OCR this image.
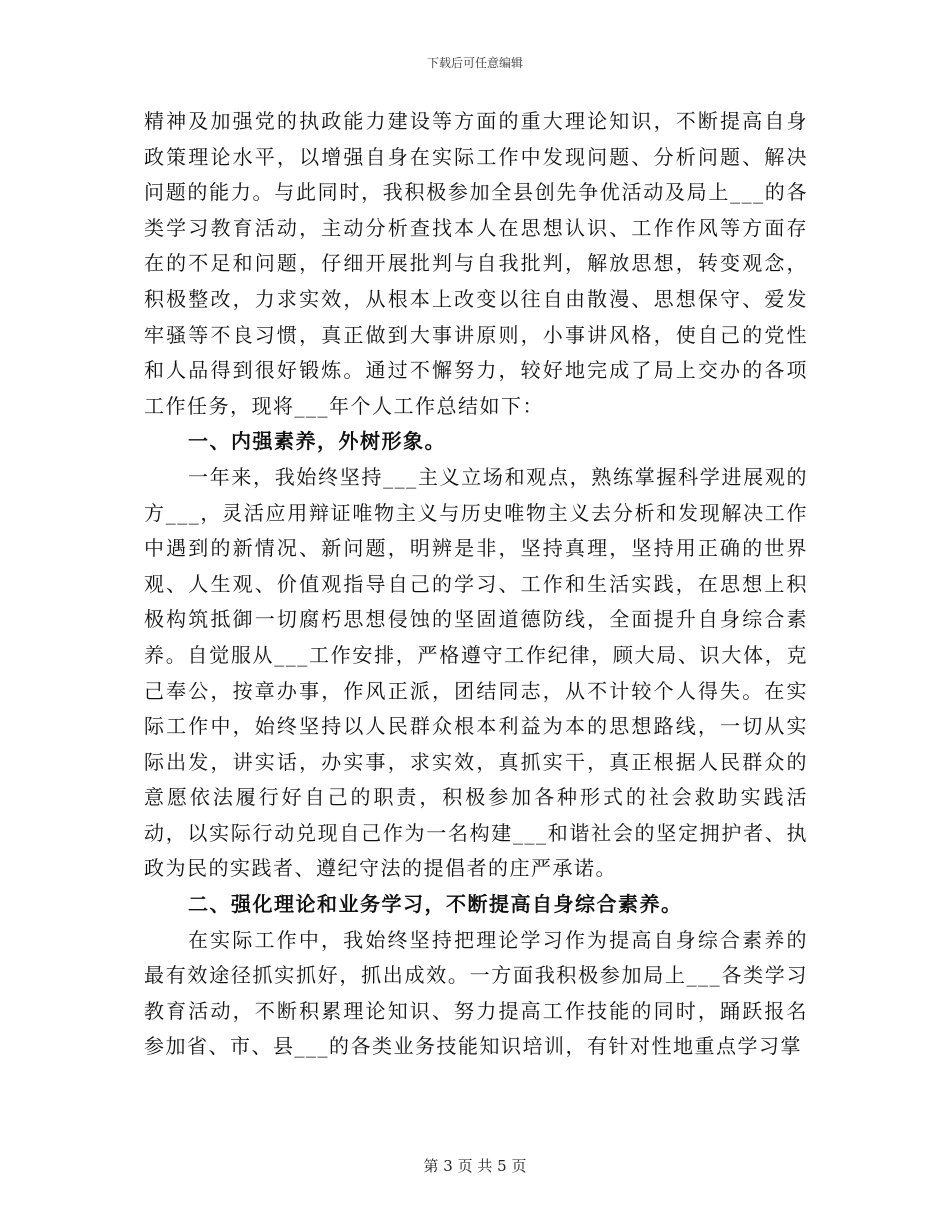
下载后可任意编辑

精神及加强党的执政能力建设等方面的重大理论知识，不断提高自身政策理论水平，以增强自身在实际工作中发现问题、分析问题、解决问题的能力。与此同时，我积极参加全县创先争优活动及局上___的各类学习教育活动，主动分析查找本人在思想认识、工作作风等方面存在的不足和问题，仔细开展批判与自我批判，解放思想，转变观念，积极整改，力求实效，从根本上改变以往自由散漫、思想保守、爱发牢骚等不良习惯，真正做到大事讲原则，小事讲风格，使自己的党性和人品得到很好锻炼。通过不懈努力，较好地完成了局上交办的各项工作任务，现将___年个人工作总结如下：

一、内强素养，外树形象。

一年来，我始终坚持___主义立场和观点，熟练掌握科学进展观的方___，灵活应用辩证唯物主义与历史唯物主义去分析和发现解决工作中遇到的新情况、新问题，明辨是非，坚持真理，坚持用正确的世界观、人生观、价值观指导自己的学习、工作和生活实践，在思想上积极构筑抵御一切腐朽思想侵蚀的坚固道德防线，全面提升自身综合素养。自觉服从___工作安排，严格遵守工作纪律，顾大局、识大体，克己奉公，按章办事，作风正派，团结同志，从不计较个人得失。在实际工作中，始终坚持以人民群众根本利益为本的思想路线，一切从实际出发，讲实话，办实事，求实效，真抓实干，真正根据人民群众的意愿依法履行好自己的职责，积极参加各种形式的社会救助实践活动，以实际行动兑现自己作为一名构建___和谐社会的坚定拥护者、执政为民的实践者、遵纪守法的提倡者的庄严承诺。

二、强化理论和业务学习，不断提高自身综合素养。

在实际工作中，我始终坚持把理论学习作为提高自身综合素养的最有效途径抓实抓好，抓出成效。一方面我积极参加局上___各类学习教育活动，不断积累理论知识、努力提高工作技能的同时，踊跃报名参加省、市、县___的各类业务技能知识培训，有针对性地重点学习掌

第 3 页 共 5 页
